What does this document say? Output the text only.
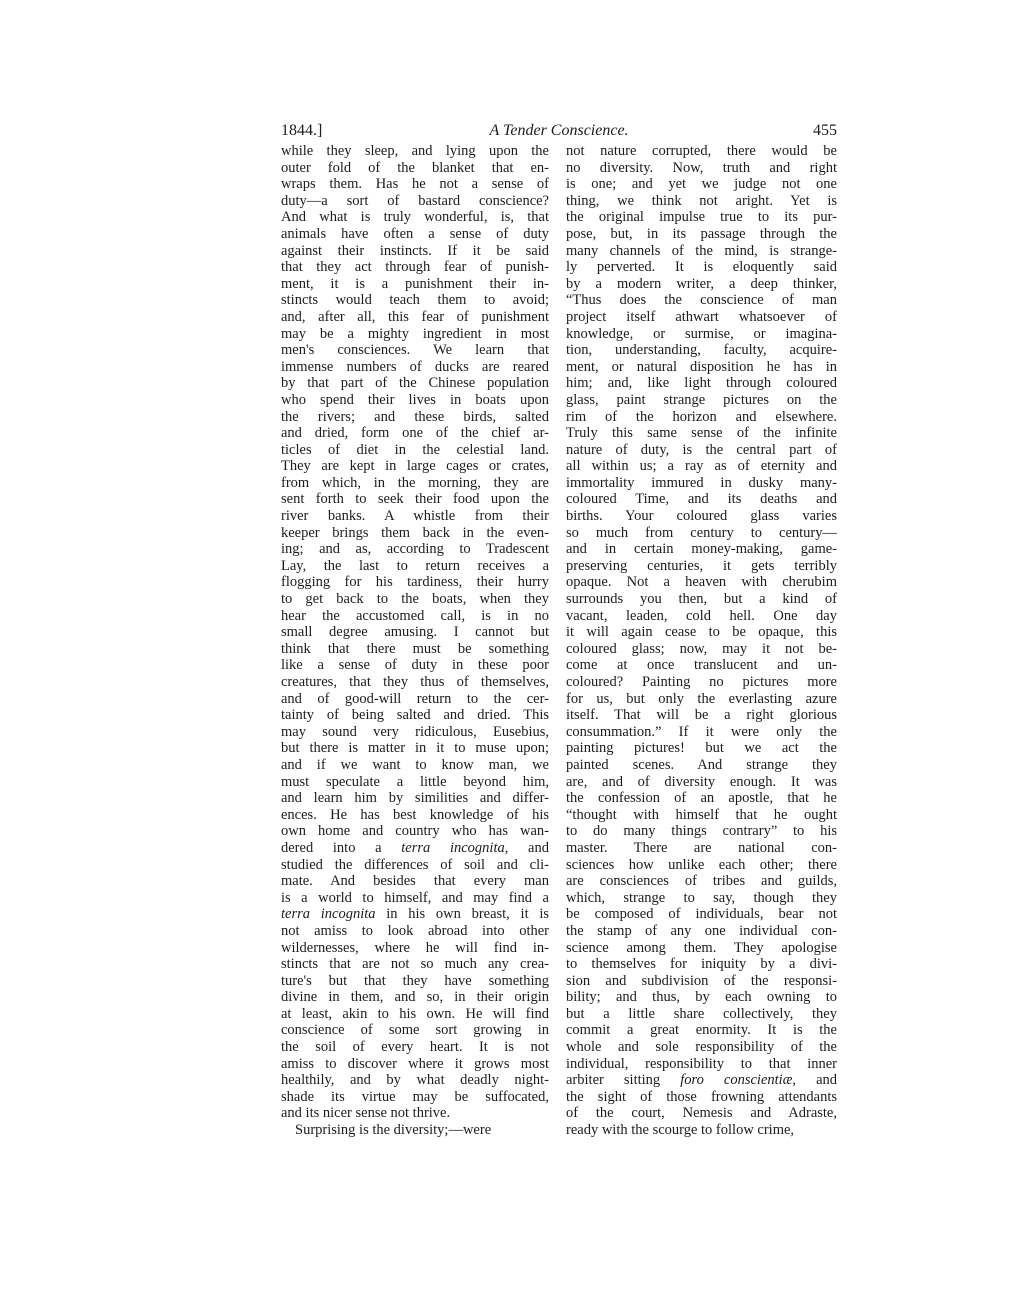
1844.]	A Tender Conscience.	455
while they sleep, and lying upon the
outer fold of the blanket that en-
wraps them. Has he not a sense of
duty—a sort of bastard conscience?
And what is truly wonderful, is, that
animals have often a sense of duty
against their instincts. If it be said
that they act through fear of punish-
ment, it is a punishment their in-
stincts would teach them to avoid;
and, after all, this fear of punishment
may be a mighty ingredient in most
men's consciences. We learn that
immense numbers of ducks are reared
by that part of the Chinese population
who spend their lives in boats upon
the rivers; and these birds, salted
and dried, form one of the chief ar-
ticles of diet in the celestial land.
They are kept in large cages or crates,
from which, in the morning, they are
sent forth to seek their food upon the
river banks. A whistle from their
keeper brings them back in the even-
ing; and as, according to Tradescent
Lay, the last to return receives a
flogging for his tardiness, their hurry
to get back to the boats, when they
hear the accustomed call, is in no
small degree amusing. I cannot but
think that there must be something
like a sense of duty in these poor
creatures, that they thus of themselves,
and of good-will return to the cer-
tainty of being salted and dried. This
may sound very ridiculous, Eusebius,
but there is matter in it to muse upon;
and if we want to know man, we
must speculate a little beyond him,
and learn him by similities and differ-
ences. He has best knowledge of his
own home and country who has wan-
dered into a terra incognita, and
studied the differences of soil and cli-
mate. And besides that every man
is a world to himself, and may find a
terra incognita in his own breast, it is
not amiss to look abroad into other
wildernesses, where he will find in-
stincts that are not so much any crea-
ture's but that they have something
divine in them, and so, in their origin
at least, akin to his own. He will find
conscience of some sort growing in
the soil of every heart. It is not
amiss to discover where it grows most
healthily, and by what deadly night-
shade its virtue may be suffocated,
and its nicer sense not thrive.
Surprising is the diversity;—were
not nature corrupted, there would be
no diversity. Now, truth and right
is one; and yet we judge not one
thing, we think not aright. Yet is
the original impulse true to its pur-
pose, but, in its passage through the
many channels of the mind, is strange-
ly perverted. It is eloquently said
by a modern writer, a deep thinker,
“Thus does the conscience of man
project itself athwart whatsoever of
knowledge, or surmise, or imagina-
tion, understanding, faculty, acquire-
ment, or natural disposition he has in
him; and, like light through coloured
glass, paint strange pictures on the
rim of the horizon and elsewhere.
Truly this same sense of the infinite
nature of duty, is the central part of
all within us; a ray as of eternity and
immortality immured in dusky many-
coloured Time, and its deaths and
births. Your coloured glass varies
so much from century to century—
and in certain money-making, game-
preserving centuries, it gets terribly
opaque. Not a heaven with cherubim
surrounds you then, but a kind of
vacant, leaden, cold hell. One day
it will again cease to be opaque, this
coloured glass; now, may it not be-
come at once translucent and un-
coloured? Painting no pictures more
for us, but only the everlasting azure
itself. That will be a right glorious
consummation.” If it were only the
painting pictures! but we act the
painted scenes. And strange they
are, and of diversity enough. It was
the confession of an apostle, that he
“thought with himself that he ought
to do many things contrary” to his
master. There are national con-
sciences how unlike each other; there
are consciences of tribes and guilds,
which, strange to say, though they
be composed of individuals, bear not
the stamp of any one individual con-
science among them. They apologise
to themselves for iniquity by a divi-
sion and subdivision of the responsi-
bility; and thus, by each owning to
but a little share collectively, they
commit a great enormity. It is the
whole and sole responsibility of the
individual, responsibility to that inner
arbiter sitting foro conscientiæ, and
the sight of those frowning attendants
of the court, Nemesis and Adraste,
ready with the scourge to follow crime,
